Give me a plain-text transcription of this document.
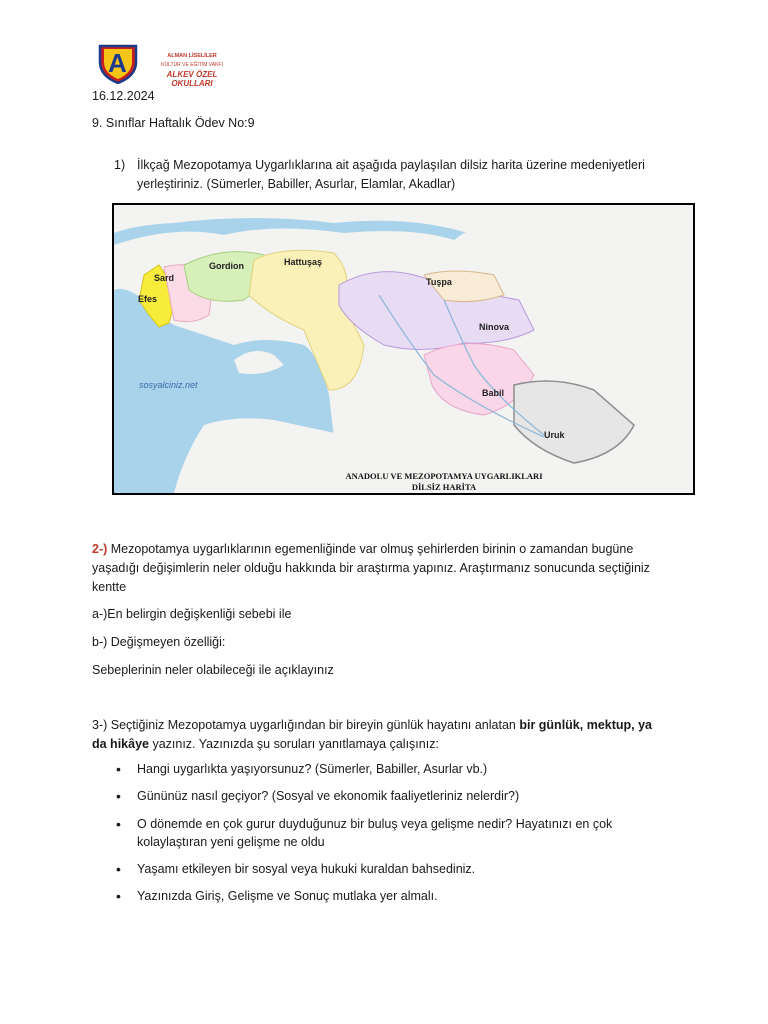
A	ALMAN LİSELİLER
KÜLTÜR VE EĞİTİM VAKFI
ALKEV ÖZEL OKULLARI
16.12.2024
9. Sınıflar Haftalık Ödev No:9
1) İlkçağ Mezopotamya Uygarlıklarına ait aşağıda paylaşılan dilsiz harita üzerine medeniyetleri
yerleştiriniz. (Sümerler, Babiller, Asurlar, Elamlar, Akadlar)
Sard
Efes
Gordion	Hattuşaş
Tuşpa
Ninova
Babil
Uruk
sosyalciniz.net
ANADOLU VE MEZOPOTAMYA UYGARLIKLARI
DİLSİZ HARİTA
2-) Mezopotamya uygarlıklarının egemenliğinde var olmuş şehirlerden birinin o zamandan bugüne
yaşadığı değişimlerin neler olduğu hakkında bir araştırma yapınız. Araştırmanız sonucunda seçtiğiniz
kentte
a-)En belirgin değişkenliği sebebi ile
b-) Değişmeyen özelliği:
Sebeplerinin neler olabileceği ile açıklayınız
3-) Seçtiğiniz Mezopotamya uygarlığından bir bireyin günlük hayatını anlatan bir günlük, mektup, ya
da hikâye yazınız. Yazınızda şu soruları yanıtlamaya çalışınız:
• Hangi uygarlıkta yaşıyorsunuz? (Sümerler, Babiller, Asurlar vb.)
• Gününüz nasıl geçiyor? (Sosyal ve ekonomik faaliyetleriniz nelerdir?)
• O dönemde en çok gurur duyduğunuz bir buluş veya gelişme nedir? Hayatınızı en çok
kolaylaştıran yeni gelişme ne oldu
• Yaşamı etkileyen bir sosyal veya hukuki kuraldan bahsediniz.
• Yazınızda Giriş, Gelişme ve Sonuç mutlaka yer almalı.
